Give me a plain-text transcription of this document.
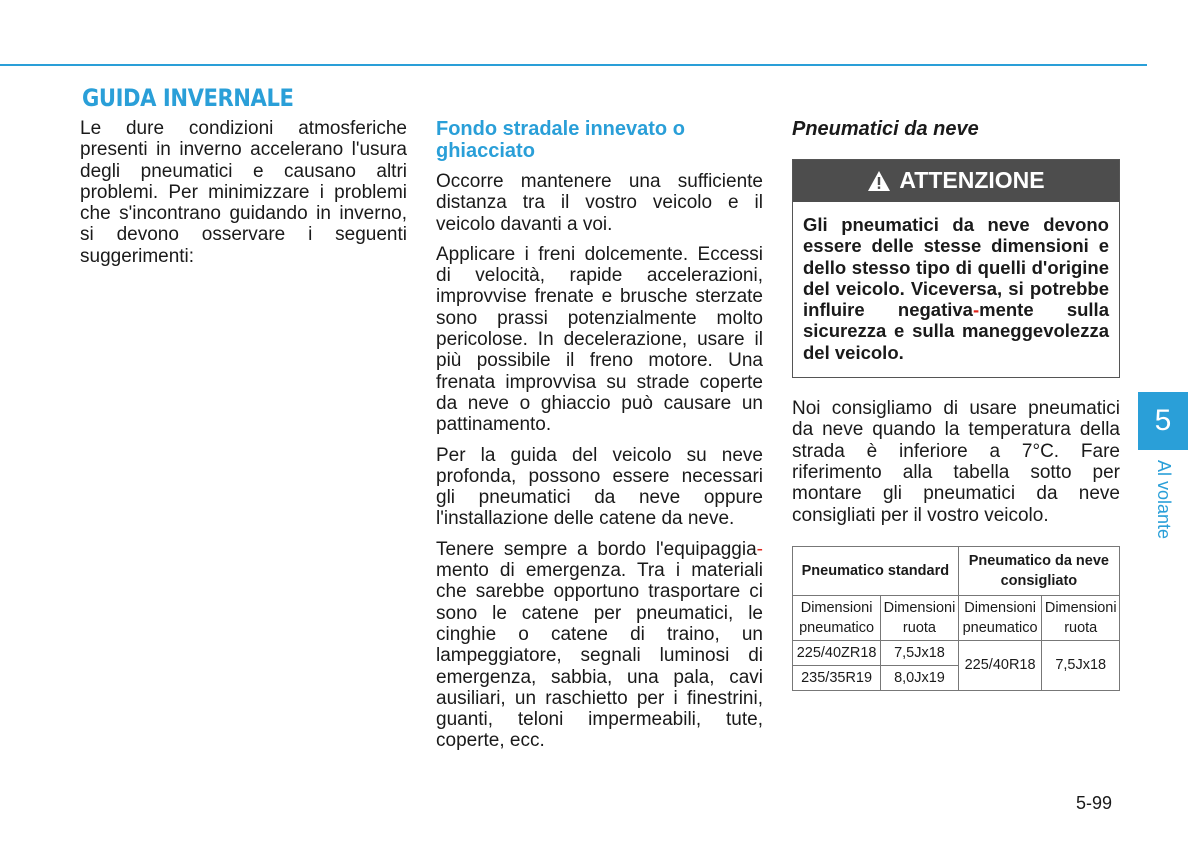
GUIDA INVERNALE

Le dure condizioni atmosferiche presenti in inverno accelerano l'usura degli pneumatici e causano altri problemi. Per minimizzare i problemi che s'incontrano guidando in inverno, si devono osservare i seguenti suggerimenti:

Fondo stradale innevato o ghiacciato

Occorre mantenere una sufficiente distanza tra il vostro veicolo e il veicolo davanti a voi.

Applicare i freni dolcemente. Eccessi di velocità, rapide accelerazioni, improvvise frenate e brusche sterzate sono prassi potenzialmente molto pericolose. In decelerazione, usare il più possibile il freno motore. Una frenata improvvisa su strade coperte da neve o ghiaccio può causare un pattinamento.

Per la guida del veicolo su neve profonda, possono essere necessari gli pneumatici da neve oppure l'installazione delle catene da neve.

Tenere sempre a bordo l'equipaggia-mento di emergenza. Tra i materiali che sarebbe opportuno trasportare ci sono le catene per pneumatici, le cinghie o catene di traino, un lampeggiatore, segnali luminosi di emergenza, sabbia, una pala, cavi ausiliari, un raschietto per i finestrini, guanti, teloni impermeabili, tute, coperte, ecc.

Pneumatici da neve
ATTENZIONE
Gli pneumatici da neve devono essere delle stesse dimensioni e dello stesso tipo di quelli d'origine del veicolo. Viceversa, si potrebbe influire negativa-mente sulla sicurezza e sulla maneggevolezza del veicolo.

Noi consigliamo di usare pneumatici da neve quando la temperatura della strada è inferiore a 7°C. Fare riferimento alla tabella sotto per montare gli pneumatici da neve consigliati per il vostro veicolo.

Pneumatico standard		Pneumatico da neve consigliato	
Dimensioni pneumatico	Dimensioni ruota	Dimensioni pneumatico	Dimensioni ruota
225/40ZR18	7,5Jx18	225/40R18	7,5Jx18
235/35R19	8,0Jx19		
5
Al volante
5-99
